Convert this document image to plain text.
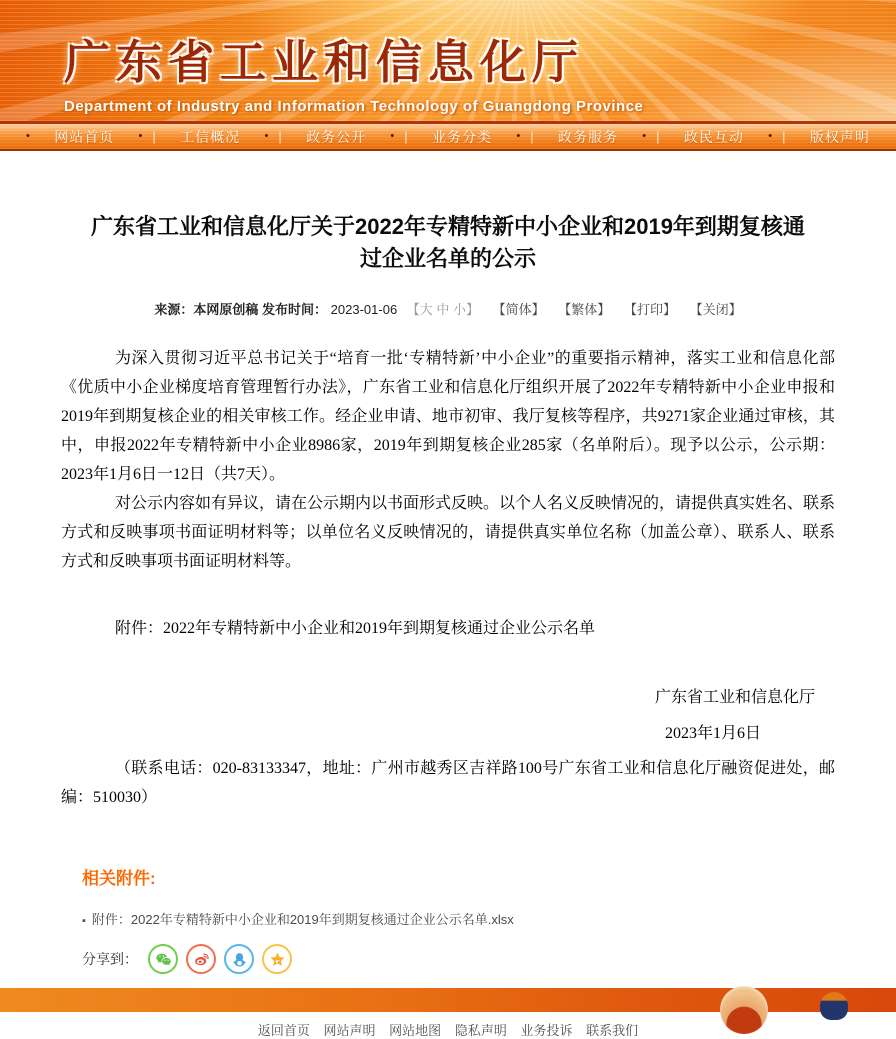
广东省工业和信息化厅
Department of Industry and Information Technology of Guangdong Province
• 网站首页 • | 工信概况 • | 政务公开 • | 业务分类 • | 政务服务 • | 政民互动 • | 版权声明
广东省工业和信息化厅关于2022年专精特新中小企业和2019年到期复核通过企业名单的公示
来源：本网原创稿 发布时间： 2023-01-06 【大 中 小】 【简体】 【繁体】 【打印】 【关闭】

为深入贯彻习近平总书记关于“培育一批‘专精特新’中小企业”的重要指示精神，落实工业和信息化部《优质中小企业梯度培育管理暂行办法》，广东省工业和信息化厅组织开展了2022年专精特新中小企业申报和2019年到期复核企业的相关审核工作。经企业申请、地市初审、我厅复核等程序，共9271家企业通过审核，其中，申报2022年专精特新中小企业8986家，2019年到期复核企业285家（名单附后）。现予以公示，公示期：2023年1月6日一12日（共7天）。

对公示内容如有异议，请在公示期内以书面形式反映。以个人名义反映情况的，请提供真实姓名、联系方式和反映事项书面证明材料等；以单位名义反映情况的，请提供真实单位名称（加盖公章）、联系人、联系方式和反映事项书面证明材料等。

附件：2022年专精特新中小企业和2019年到期复核通过企业公示名单

广东省工业和信息化厅

2023年1月6日

（联系电话：020-83133347，地址：广州市越秀区吉祥路100号广东省工业和信息化厅融资促进处，邮编：510030）

相关附件:
▪ 附件：2022年专精特新中小企业和2019年到期复核通过企业公示名单.xlsx
分享到：
返回首页 网站声明 网站地图 隐私声明 业务投诉 联系我们
